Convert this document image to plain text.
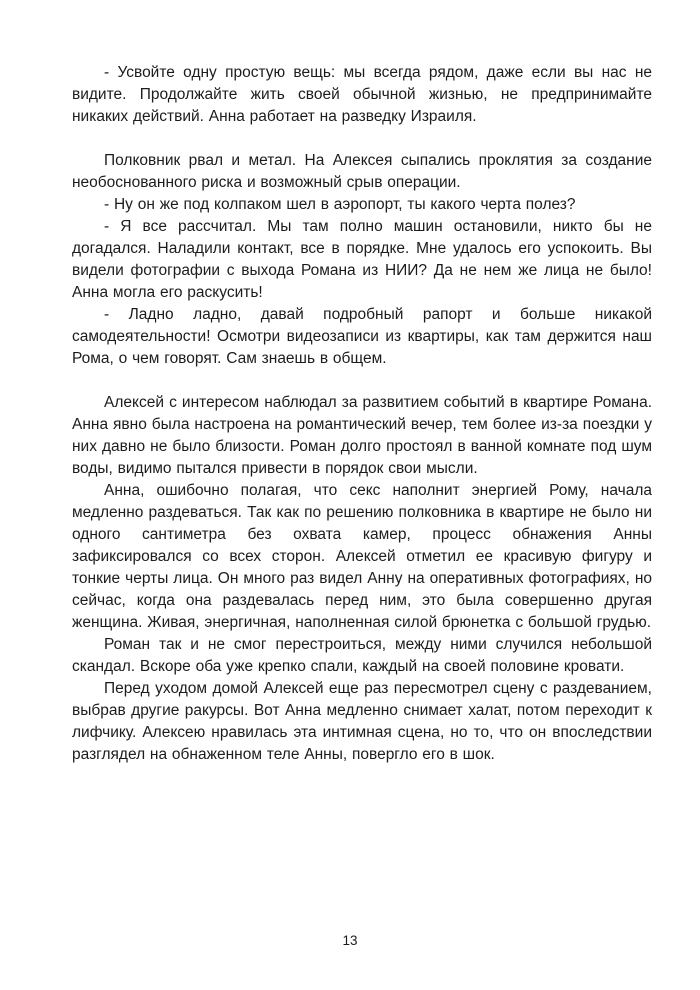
- Усвойте одну простую вещь: мы всегда рядом, даже если вы нас не видите. Продолжайте жить своей обычной жизнью, не предпринимайте никаких действий. Анна работает на разведку Израиля.

Полковник рвал и метал. На Алексея сыпались проклятия за создание необоснованного риска и возможный срыв операции.

- Ну он же под колпаком шел в аэропорт, ты какого черта полез?

- Я все рассчитал. Мы там полно машин остановили, никто бы не догадался. Наладили контакт, все в порядке. Мне удалось его успокоить. Вы видели фотографии с выхода Романа из НИИ? Да не нем же лица не было! Анна могла его раскусить!

- Ладно ладно, давай подробный рапорт и больше никакой самодеятельности! Осмотри видеозаписи из квартиры, как там держится наш Рома, о чем говорят. Сам знаешь в общем.

Алексей с интересом наблюдал за развитием событий в квартире Романа. Анна явно была настроена на романтический вечер, тем более из-за поездки у них давно не было близости. Роман долго простоял в ванной комнате под шум воды, видимо пытался привести в порядок свои мысли.

Анна, ошибочно полагая, что секс наполнит энергией Рому, начала медленно раздеваться. Так как по решению полковника в квартире не было ни одного сантиметра без охвата камер, процесс обнажения Анны зафиксировался со всех сторон. Алексей отметил ее красивую фигуру и тонкие черты лица. Он много раз видел Анну на оперативных фотографиях, но сейчас, когда она раздевалась перед ним, это была совершенно другая женщина. Живая, энергичная, наполненная силой брюнетка с большой грудью.

Роман так и не смог перестроиться, между ними случился небольшой скандал. Вскоре оба уже крепко спали, каждый на своей половине кровати.

Перед уходом домой Алексей еще раз пересмотрел сцену с раздеванием, выбрав другие ракурсы. Вот Анна медленно снимает халат, потом переходит к лифчику. Алексею нравилась эта интимная сцена, но то, что он впоследствии разглядел на обнаженном теле Анны, повергло его в шок.

13
